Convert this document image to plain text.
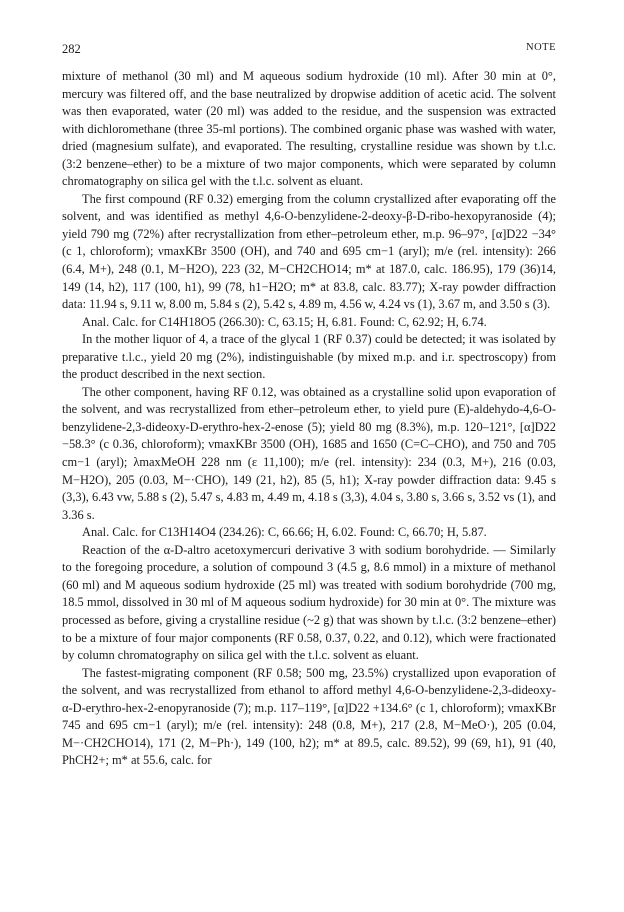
282	NOTE

mixture of methanol (30 ml) and M aqueous sodium hydroxide (10 ml). After 30 min at 0°, mercury was filtered off, and the base neutralized by dropwise addition of acetic acid. The solvent was then evaporated, water (20 ml) was added to the residue, and the suspension was extracted with dichloromethane (three 35-ml portions). The combined organic phase was washed with water, dried (magnesium sulfate), and evaporated. The resulting, crystalline residue was shown by t.l.c. (3:2 benzene–ether) to be a mixture of two major components, which were separated by column chromatography on silica gel with the t.l.c. solvent as eluant.

The first compound (RF 0.32) emerging from the column crystallized after evaporating off the solvent, and was identified as methyl 4,6-O-benzylidene-2-deoxy-β-D-ribo-hexopyranoside (4); yield 790 mg (72%) after recrystallization from ether–petroleum ether, m.p. 96–97°, [α]D22 −34° (c 1, chloroform); νmaxKBr 3500 (OH), and 740 and 695 cm−1 (aryl); m/e (rel. intensity): 266 (6.4, M+), 248 (0.1, M−H2O), 223 (32, M−CH2CHO14; m* at 187.0, calc. 186.95), 179 (36)14, 149 (14, h2), 117 (100, h1), 99 (78, h1−H2O; m* at 83.8, calc. 83.77); X-ray powder diffraction data: 11.94 s, 9.11 w, 8.00 m, 5.84 s (2), 5.42 s, 4.89 m, 4.56 w, 4.24 vs (1), 3.67 m, and 3.50 s (3).

Anal. Calc. for C14H18O5 (266.30): C, 63.15; H, 6.81. Found: C, 62.92; H, 6.74.

In the mother liquor of 4, a trace of the glycal 1 (RF 0.37) could be detected; it was isolated by preparative t.l.c., yield 20 mg (2%), indistinguishable (by mixed m.p. and i.r. spectroscopy) from the product described in the next section.

The other component, having RF 0.12, was obtained as a crystalline solid upon evaporation of the solvent, and was recrystallized from ether–petroleum ether, to yield pure (E)-aldehydo-4,6-O-benzylidene-2,3-dideoxy-D-erythro-hex-2-enose (5); yield 80 mg (8.3%), m.p. 120–121°, [α]D22 −58.3° (c 0.36, chloroform); νmaxKBr 3500 (OH), 1685 and 1650 (C=C–CHO), and 750 and 705 cm−1 (aryl); λmaxMeOH 228 nm (ε 11,100); m/e (rel. intensity): 234 (0.3, M+), 216 (0.03, M−H2O), 205 (0.03, M−·CHO), 149 (21, h2), 85 (5, h1); X-ray powder diffraction data: 9.45 s (3,3), 6.43 vw, 5.88 s (2), 5.47 s, 4.83 m, 4.49 m, 4.18 s (3,3), 4.04 s, 3.80 s, 3.66 s, 3.52 vs (1), and 3.36 s.

Anal. Calc. for C13H14O4 (234.26): C, 66.66; H, 6.02. Found: C, 66.70; H, 5.87.

Reaction of the α-D-altro acetoxymercuri derivative 3 with sodium borohydride. — Similarly to the foregoing procedure, a solution of compound 3 (4.5 g, 8.6 mmol) in a mixture of methanol (60 ml) and M aqueous sodium hydroxide (25 ml) was treated with sodium borohydride (700 mg, 18.5 mmol, dissolved in 30 ml of M aqueous sodium hydroxide) for 30 min at 0°. The mixture was processed as before, giving a crystalline residue (~2 g) that was shown by t.l.c. (3:2 benzene–ether) to be a mixture of four major components (RF 0.58, 0.37, 0.22, and 0.12), which were fractionated by column chromatography on silica gel with the t.l.c. solvent as eluant.

The fastest-migrating component (RF 0.58; 500 mg, 23.5%) crystallized upon evaporation of the solvent, and was recrystallized from ethanol to afford methyl 4,6-O-benzylidene-2,3-dideoxy-α-D-erythro-hex-2-enopyranoside (7); m.p. 117–119°, [α]D22 +134.6° (c 1, chloroform); νmaxKBr 745 and 695 cm−1 (aryl); m/e (rel. intensity): 248 (0.8, M+), 217 (2.8, M−MeO·), 205 (0.04, M−·CH2CHO14), 171 (2, M−Ph·), 149 (100, h2); m* at 89.5, calc. 89.52), 99 (69, h1), 91 (40, PhCH2+; m* at 55.6, calc. for
